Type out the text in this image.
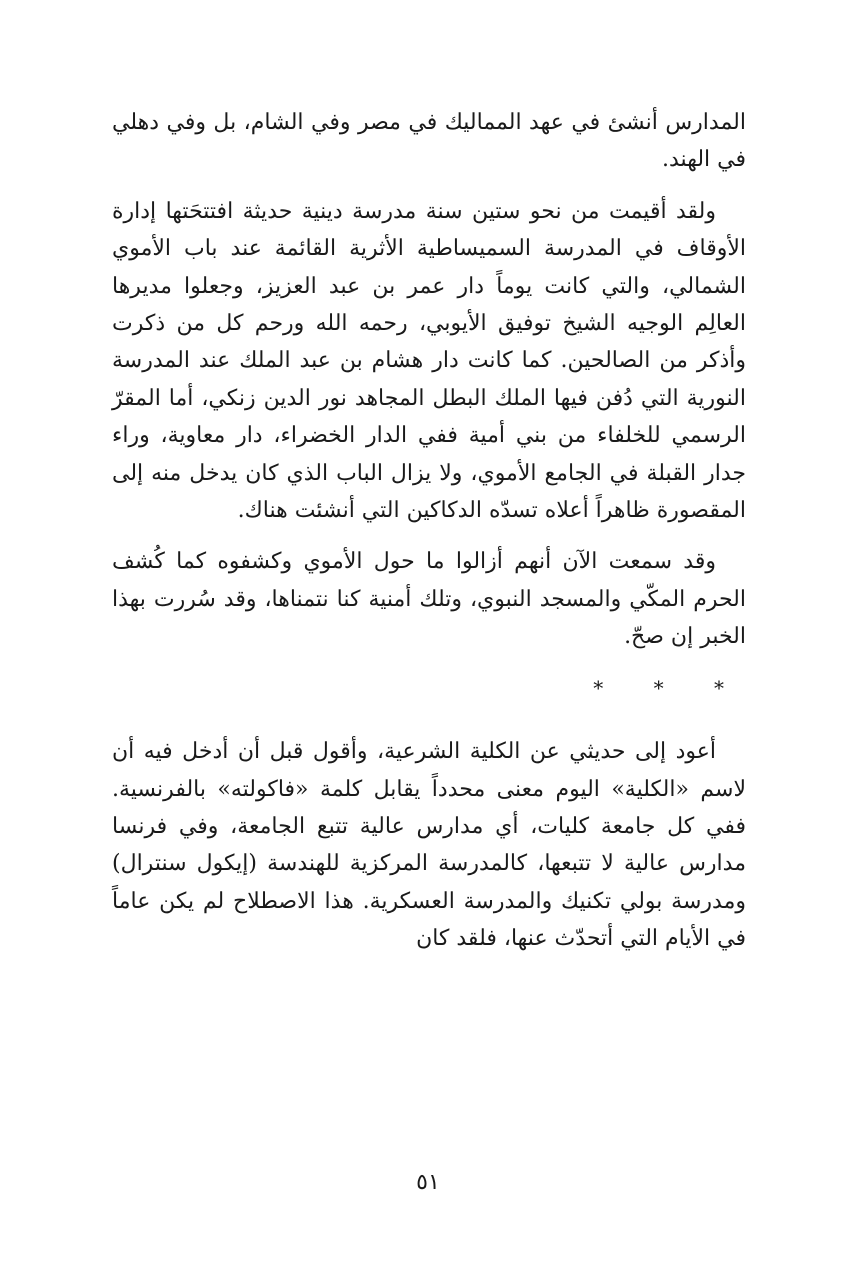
المدارس أنشئ في عهد المماليك في مصر وفي الشام، بل وفي دهلي في الهند.

ولقد أقيمت من نحو ستين سنة مدرسة دينية حديثة افتتحَتها إدارة الأوقاف في المدرسة السميساطية الأثرية القائمة عند باب الأموي الشمالي، والتي كانت يوماً دار عمر بن عبد العزيز، وجعلوا مديرها العالِم الوجيه الشيخ توفيق الأيوبي، رحمه الله ورحم كل من ذكرت وأذكر من الصالحين. كما كانت دار هشام بن عبد الملك عند المدرسة النورية التي دُفن فيها الملك البطل المجاهد نور الدين زنكي، أما المقرّ الرسمي للخلفاء من بني أمية ففي الدار الخضراء، دار معاوية، وراء جدار القبلة في الجامع الأموي، ولا يزال الباب الذي كان يدخل منه إلى المقصورة ظاهراً أعلاه تسدّه الدكاكين التي أنشئت هناك.

وقد سمعت الآن أنهم أزالوا ما حول الأموي وكشفوه كما كُشف الحرم المكّي والمسجد النبوي، وتلك أمنية كنا نتمناها، وقد سُررت بهذا الخبر إن صحّ.

* * *

أعود إلى حديثي عن الكلية الشرعية، وأقول قبل أن أدخل فيه أن لاسم «الكلية» اليوم معنى محدداً يقابل كلمة «فاكولته» بالفرنسية. ففي كل جامعة كليات، أي مدارس عالية تتبع الجامعة، وفي فرنسا مدارس عالية لا تتبعها، كالمدرسة المركزية للهندسة (إيكول سنترال) ومدرسة بولي تكنيك والمدرسة العسكرية. هذا الاصطلاح لم يكن عاماً في الأيام التي أتحدّث عنها، فلقد كان

٥١
